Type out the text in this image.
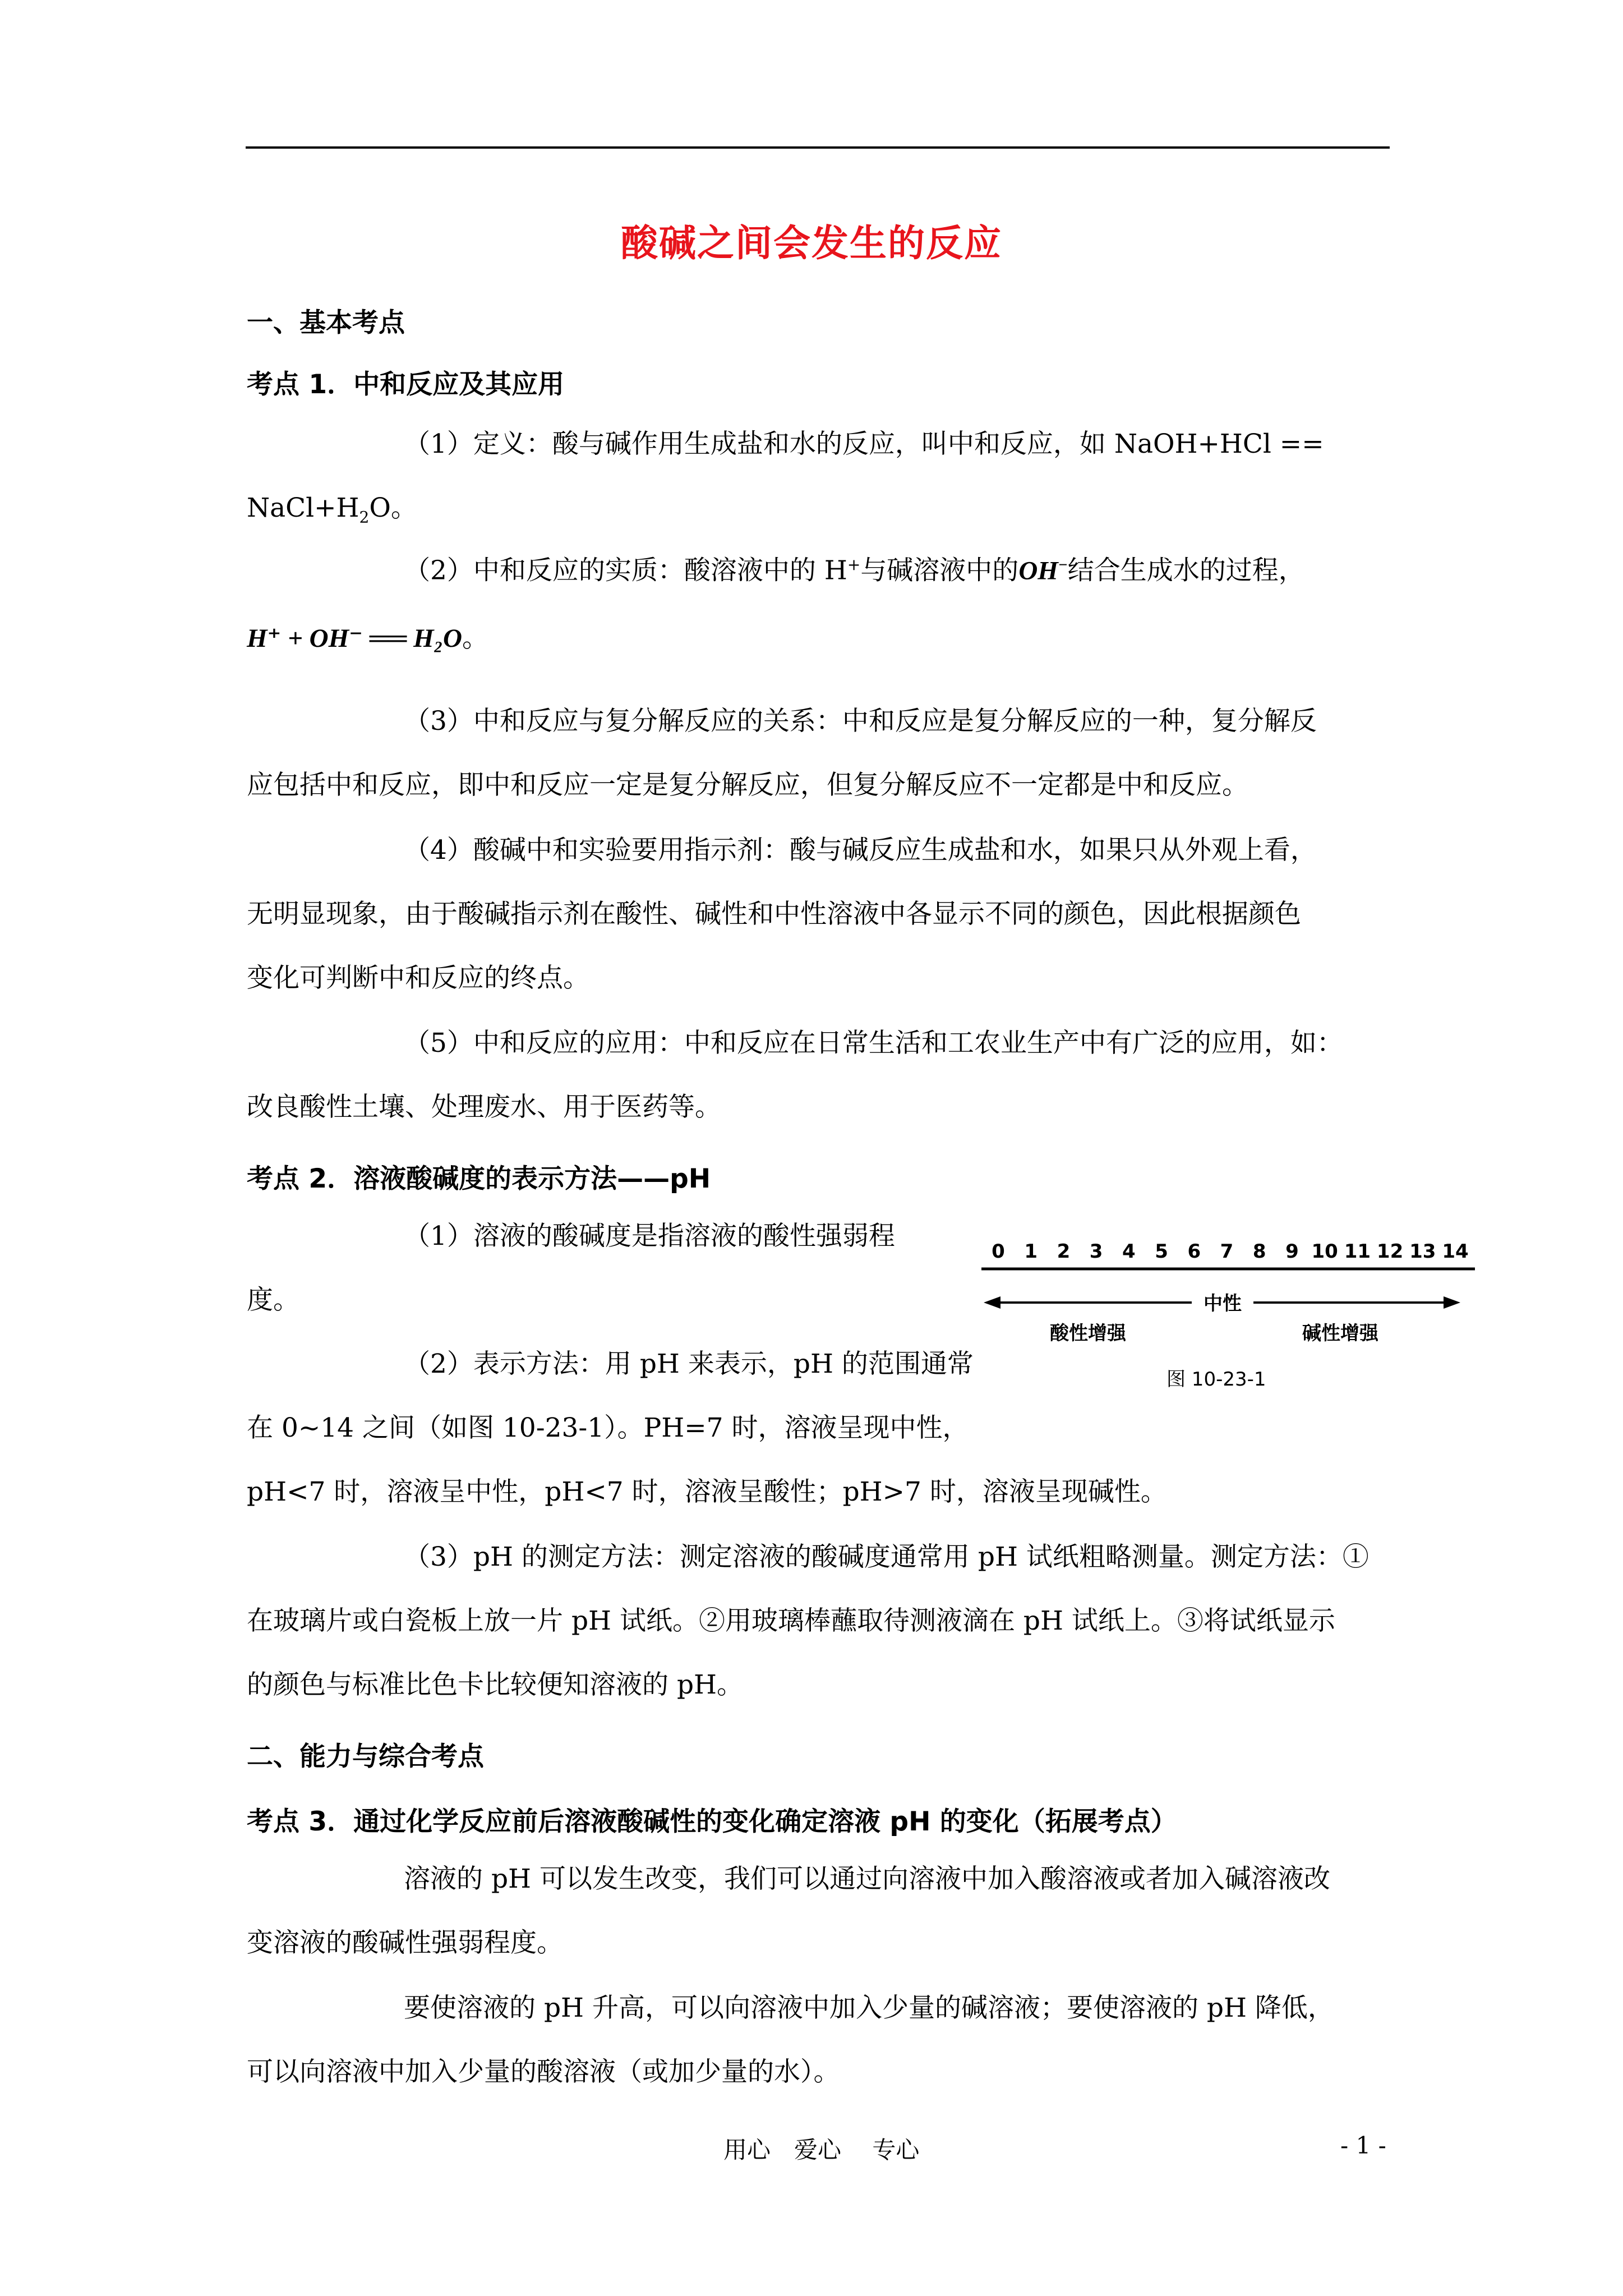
酸碱之间会发生的反应
一、基本考点
考点 1．中和反应及其应用
（1）定义：酸与碱作用生成盐和水的反应，叫中和反应，如 NaOH+HCl ==
$NaCl+H_2O$。
（2）中和反应的实质：酸溶液中的 H+与碱溶液中的OH−结合生成水的过程，
H⁺ + OH⁻ ══ H₂O。
（3）中和反应与复分解反应的关系：中和反应是复分解反应的一种，复分解反
应包括中和反应，即中和反应一定是复分解反应，但复分解反应不一定都是中和反应。
（4）酸碱中和实验要用指示剂：酸与碱反应生成盐和水，如果只从外观上看，
无明显现象，由于酸碱指示剂在酸性、碱性和中性溶液中各显示不同的颜色，因此根据颜色
变化可判断中和反应的终点。
（5）中和反应的应用：中和反应在日常生活和工农业生产中有广泛的应用，如：
改良酸性土壤、处理废水、用于医药等。
考点 2．溶液酸碱度的表示方法——pH
（1）溶液的酸碱度是指溶液的酸性强弱程
度。
（2）表示方法：用 pH 来表示，pH 的范围通常
在 0~14 之间（如图 10-23-1）。PH=7 时，溶液呈现中性，
pH<7 时，溶液呈中性，pH<7 时，溶液呈酸性；pH>7 时，溶液呈现碱性。
（3）pH 的测定方法：测定溶液的酸碱度通常用 pH 试纸粗略测量。测定方法：①
在玻璃片或白瓷板上放一片 pH 试纸。②用玻璃棒蘸取待测液滴在 pH 试纸上。③将试纸显示
的颜色与标准比色卡比较便知溶液的 pH。
二、能力与综合考点
考点 3．通过化学反应前后溶液酸碱性的变化确定溶液 pH 的变化（拓展考点）
溶液的 pH 可以发生改变，我们可以通过向溶液中加入酸溶液或者加入碱溶液改
变溶液的酸碱性强弱程度。
要使溶液的 pH 升高，可以向溶液中加入少量的碱溶液；要使溶液的 pH 降低，
可以向溶液中加入少量的酸溶液（或加少量的水）。
0 1 2 3 4 5 6 7 8 9 10 11 12 13 14
中性
酸性增强	碱性增强
图 10-23-1
用心　爱心　 专心	- 1 -
